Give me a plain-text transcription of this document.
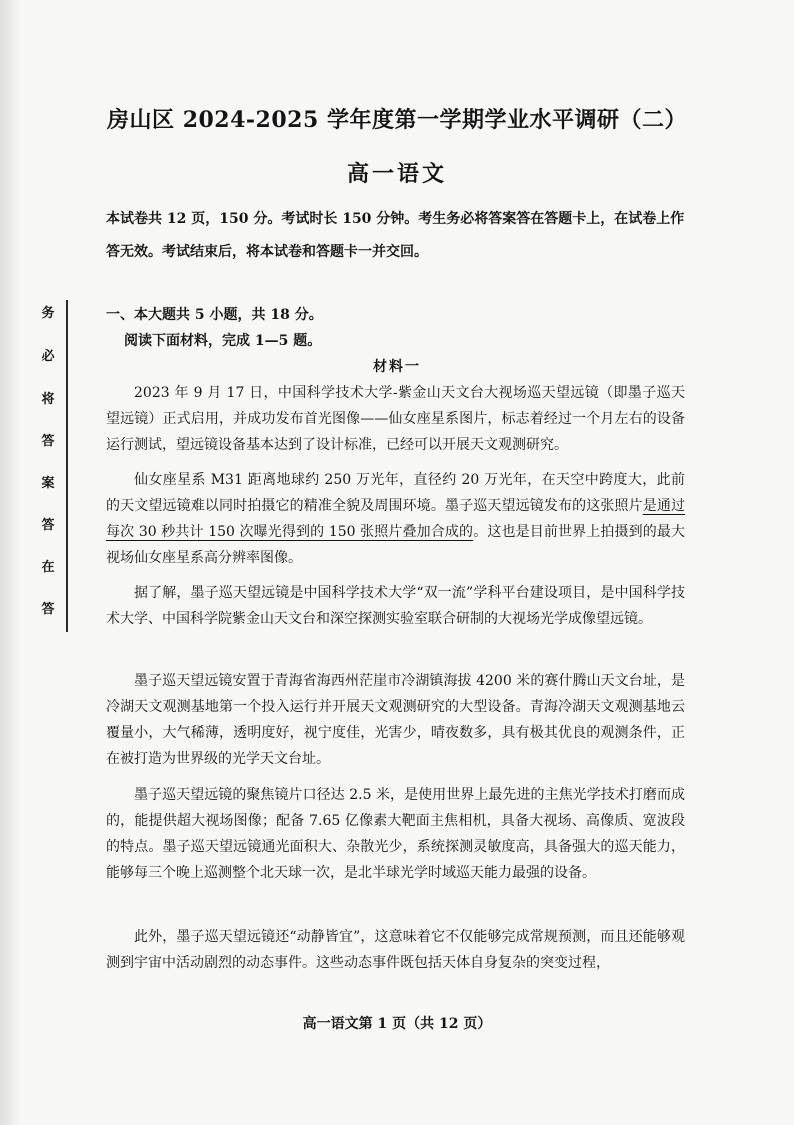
房山区 2024-2025 学年度第一学期学业水平调研（二）
高一语文
本试卷共 12 页，150 分。考试时长 150 分钟。考生务必将答案答在答题卡上，在试卷上作答无效。考试结束后，将本试卷和答题卡一并交回。
务
必
将
答
案
答
在
答
一、本大题共 5 小题，共 18 分。
阅读下面材料，完成 1—5 题。
材料一
2023 年 9 月 17 日，中国科学技术大学-紫金山天文台大视场巡天望远镜（即墨子巡天望远镜）正式启用，并成功发布首光图像——仙女座星系图片，标志着经过一个月左右的设备运行测试，望远镜设备基本达到了设计标准，已经可以开展天文观测研究。
仙女座星系 M31 距离地球约 250 万光年，直径约 20 万光年，在天空中跨度大，此前的天文望远镜难以同时拍摄它的精准全貌及周围环境。墨子巡天望远镜发布的这张照片是通过每次 30 秒共计 150 次曝光得到的 150 张照片叠加合成的。这也是目前世界上拍摄到的最大视场仙女座星系高分辨率图像。
据了解，墨子巡天望远镜是中国科学技术大学“双一流”学科平台建设项目，是中国科学技术大学、中国科学院紫金山天文台和深空探测实验室联合研制的大视场光学成像望远镜。
墨子巡天望远镜安置于青海省海西州茫崖市冷湖镇海拔 4200 米的赛什腾山天文台址，是冷湖天文观测基地第一个投入运行并开展天文观测研究的大型设备。青海冷湖天文观测基地云覆量小，大气稀薄，透明度好，视宁度佳，光害少，晴夜数多，具有极其优良的观测条件，正在被打造为世界级的光学天文台址。
墨子巡天望远镜的聚焦镜片口径达 2.5 米，是使用世界上最先进的主焦光学技术打磨而成的，能提供超大视场图像；配备 7.65 亿像素大靶面主焦相机，具备大视场、高像质、宽波段的特点。墨子巡天望远镜通光面积大、杂散光少，系统探测灵敏度高，具备强大的巡天能力，能够每三个晚上巡测整个北天球一次，是北半球光学时域巡天能力最强的设备。
此外，墨子巡天望远镜还“动静皆宜”，这意味着它不仅能够完成常规预测，而且还能够观测到宇宙中活动剧烈的动态事件。这些动态事件既包括天体自身复杂的突变过程，
高一语文第 1 页（共 12 页）
